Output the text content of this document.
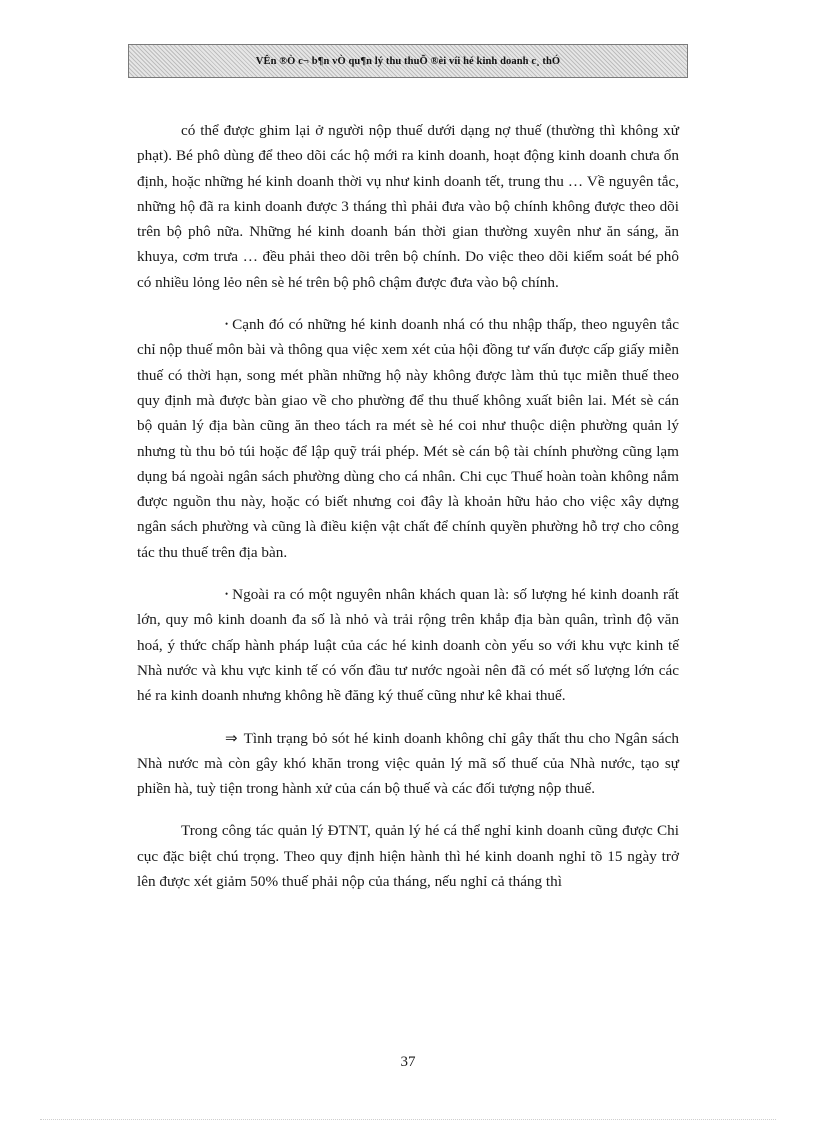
VÊn ®Ò c¬ b¶n vÒ qu¶n lý thu thuÕ ®èi víi hé kinh doanh c¸ thÓ

có thể được ghim lại ở người nộp thuế dưới dạng nợ thuế (thường thì không xử phạt). Bé phô dùng để theo dõi các hộ mới ra kinh doanh, hoạt động kinh doanh chưa ổn định, hoặc những hé kinh doanh thời vụ như kinh doanh tết, trung thu … Về nguyên tắc, những hộ đã ra kinh doanh được 3 tháng thì phải đưa vào bộ chính không được theo dõi trên bộ phô nữa. Những hé kinh doanh bán thời gian thường xuyên như ăn sáng, ăn khuya, cơm trưa … đều phải theo dõi trên bộ chính. Do việc theo dõi kiểm soát bé phô có nhiều lỏng lẻo nên sè hé trên bộ phô chậm được đưa vào bộ chính.

• Cạnh đó có những hé kinh doanh nhá có thu nhập thấp, theo nguyên tắc chỉ nộp thuế môn bài và thông qua việc xem xét của hội đồng tư vấn được cấp giấy miễn thuế có thời hạn, song mét phần những hộ này không được làm thủ tục miễn thuế theo quy định mà được bàn giao về cho phường để thu thuế không xuất biên lai. Mét sè cán bộ quản lý địa bàn cũng ăn theo tách ra mét sè hé coi như thuộc diện phường quản lý nhưng tù thu bỏ túi hoặc để lập quỹ trái phép. Mét sè cán bộ tài chính phường cũng lạm dụng bá ngoài ngân sách phường dùng cho cá nhân. Chi cục Thuế hoàn toàn không nắm được nguồn thu này, hoặc có biết nhưng coi đây là khoản hữu hảo cho việc xây dựng ngân sách phường và cũng là điều kiện vật chất để chính quyền phường hỗ trợ cho công tác thu thuế trên địa bàn.

• Ngoài ra có một nguyên nhân khách quan là: số lượng hé kinh doanh rất lớn, quy mô kinh doanh đa số là nhỏ và trải rộng trên khắp địa bàn quân, trình độ văn hoá, ý thức chấp hành pháp luật của các hé kinh doanh còn yếu so với khu vực kinh tế Nhà nước và khu vực kinh tế có vốn đầu tư nước ngoài nên đã có mét số lượng lớn các hé ra kinh doanh nhưng không hề đăng ký thuế cũng như kê khai thuế.

⇒ Tình trạng bỏ sót hé kinh doanh không chỉ gây thất thu cho Ngân sách Nhà nước mà còn gây khó khăn trong việc quản lý mã số thuế của Nhà nước, tạo sự phiền hà, tuỳ tiện trong hành xử của cán bộ thuế và các đối tượng nộp thuế.

Trong công tác quản lý ĐTNT, quản lý hé cá thể nghỉ kinh doanh cũng được Chi cục đặc biệt chú trọng. Theo quy định hiện hành thì hé kinh doanh nghỉ tõ 15 ngày trở lên được xét giảm 50% thuế phải nộp của tháng, nếu nghỉ cả tháng thì

37
